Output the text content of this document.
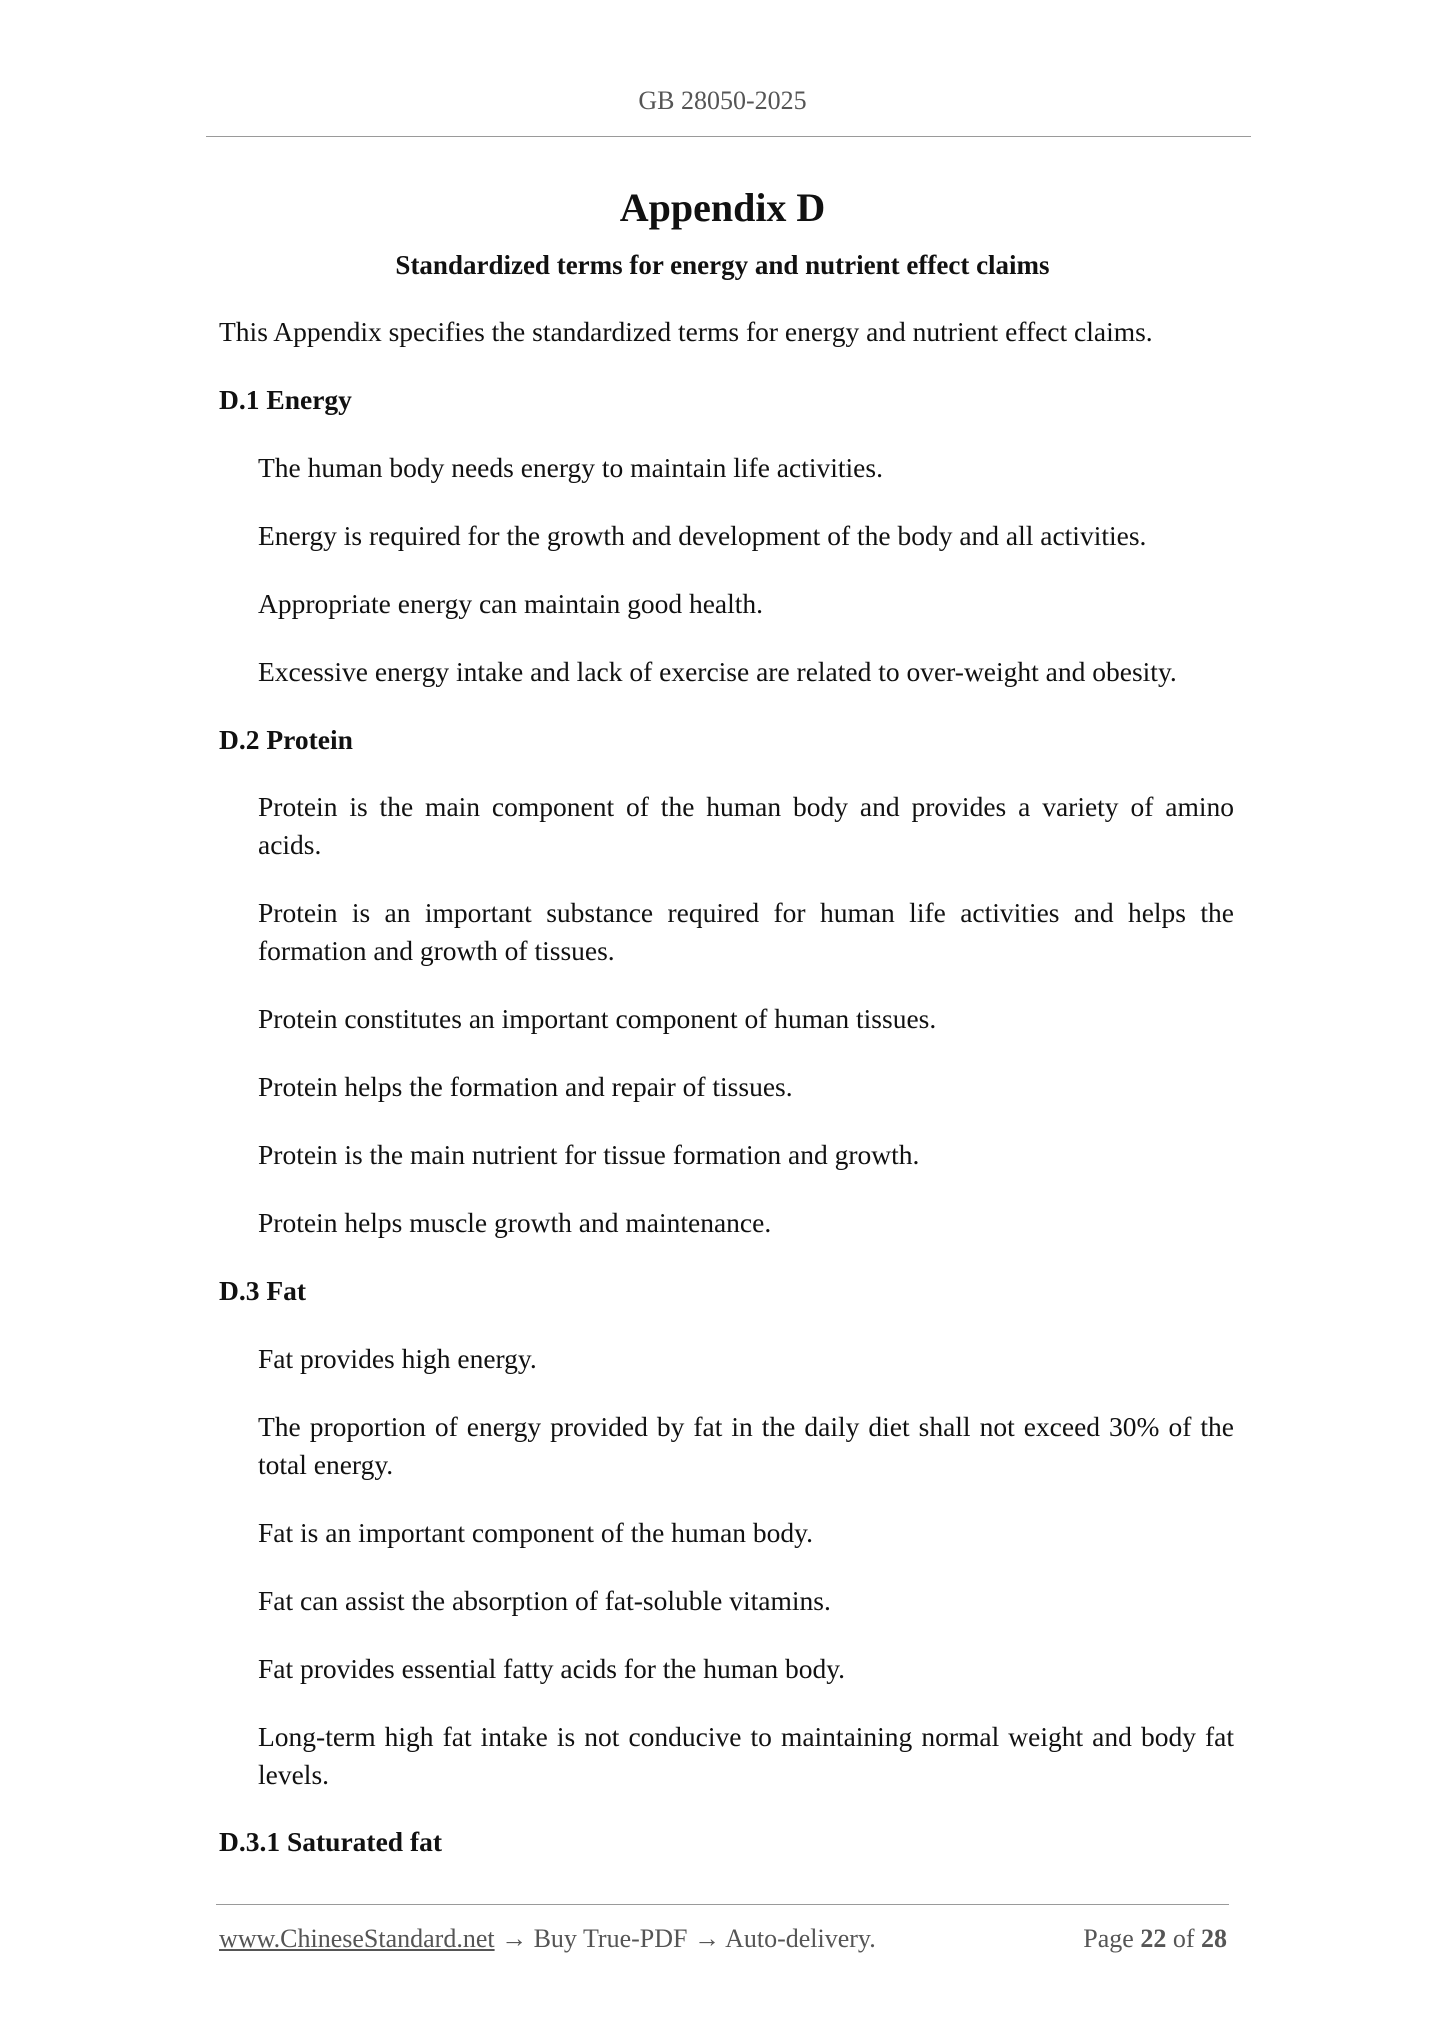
GB 28050-2025
Appendix D
Standardized terms for energy and nutrient effect claims

This Appendix specifies the standardized terms for energy and nutrient effect claims.

D.1 Energy

The human body needs energy to maintain life activities.

Energy is required for the growth and development of the body and all activities.

Appropriate energy can maintain good health.

Excessive energy intake and lack of exercise are related to over-weight and obesity.

D.2 Protein

Protein is the main component of the human body and provides a variety of amino acids.

Protein is an important substance required for human life activities and helps the formation and growth of tissues.

Protein constitutes an important component of human tissues.

Protein helps the formation and repair of tissues.

Protein is the main nutrient for tissue formation and growth.

Protein helps muscle growth and maintenance.

D.3 Fat

Fat provides high energy.

The proportion of energy provided by fat in the daily diet shall not exceed 30% of the total energy.

Fat is an important component of the human body.

Fat can assist the absorption of fat-soluble vitamins.

Fat provides essential fatty acids for the human body.

Long-term high fat intake is not conducive to maintaining normal weight and body fat levels.

D.3.1 Saturated fat

www.ChineseStandard.net → Buy True-PDF → Auto-delivery.	Page 22 of 28
